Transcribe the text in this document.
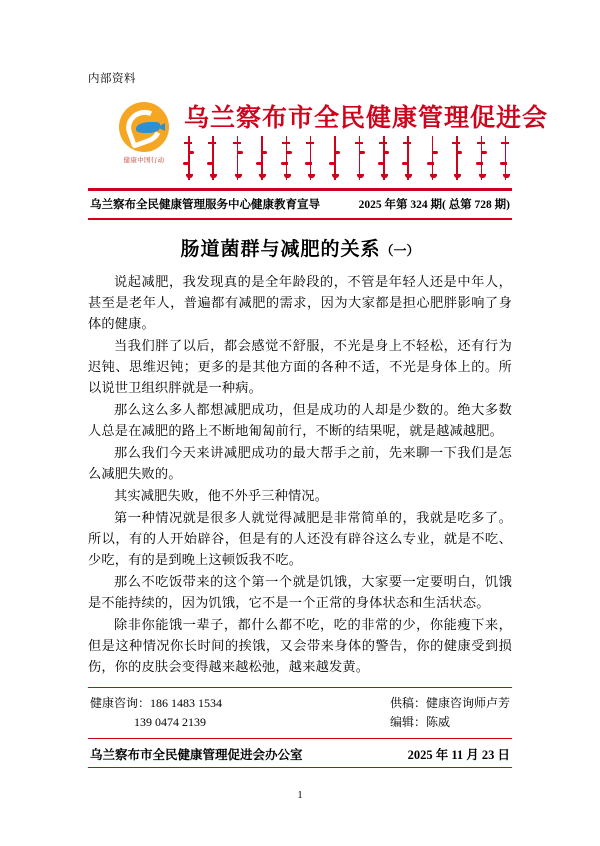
内部资料
健康中国行动
乌兰察布市全民健康管理促进会
乌兰察布全民健康管理服务中心健康教育宣导	2025 年第 324 期( 总第 728 期)
肠道菌群与减肥的关系（一）

说起减肥，我发现真的是全年龄段的，不管是年轻人还是中年人，甚至是老年人，普遍都有减肥的需求，因为大家都是担心肥胖影响了身体的健康。

当我们胖了以后，都会感觉不舒服，不光是身上不轻松，还有行为迟钝、思维迟钝；更多的是其他方面的各种不适，不光是身体上的。所以说世卫组织胖就是一种病。

那么这么多人都想减肥成功，但是成功的人却是少数的。绝大多数人总是在减肥的路上不断地匍匐前行，不断的结果呢，就是越减越肥。

那么我们今天来讲减肥成功的最大帮手之前，先来聊一下我们是怎么减肥失败的。

其实减肥失败，他不外乎三种情况。

第一种情况就是很多人就觉得减肥是非常简单的，我就是吃多了。所以，有的人开始辟谷，但是有的人还没有辟谷这么专业，就是不吃、少吃，有的是到晚上这顿饭我不吃。

那么不吃饭带来的这个第一个就是饥饿，大家要一定要明白，饥饿是不能持续的，因为饥饿，它不是一个正常的身体状态和生活状态。

除非你能饿一辈子，都什么都不吃，吃的非常的少，你能瘦下来，但是这种情况你长时间的挨饿，又会带来身体的警告，你的健康受到损伤，你的皮肤会变得越来越松弛，越来越发黄。

健康咨询：186 1483 1534
139 0474 2139
供稿：健康咨询师卢芳
编辑：陈威
乌兰察布市全民健康管理促进会办公室	2025 年 11 月 23 日
1
